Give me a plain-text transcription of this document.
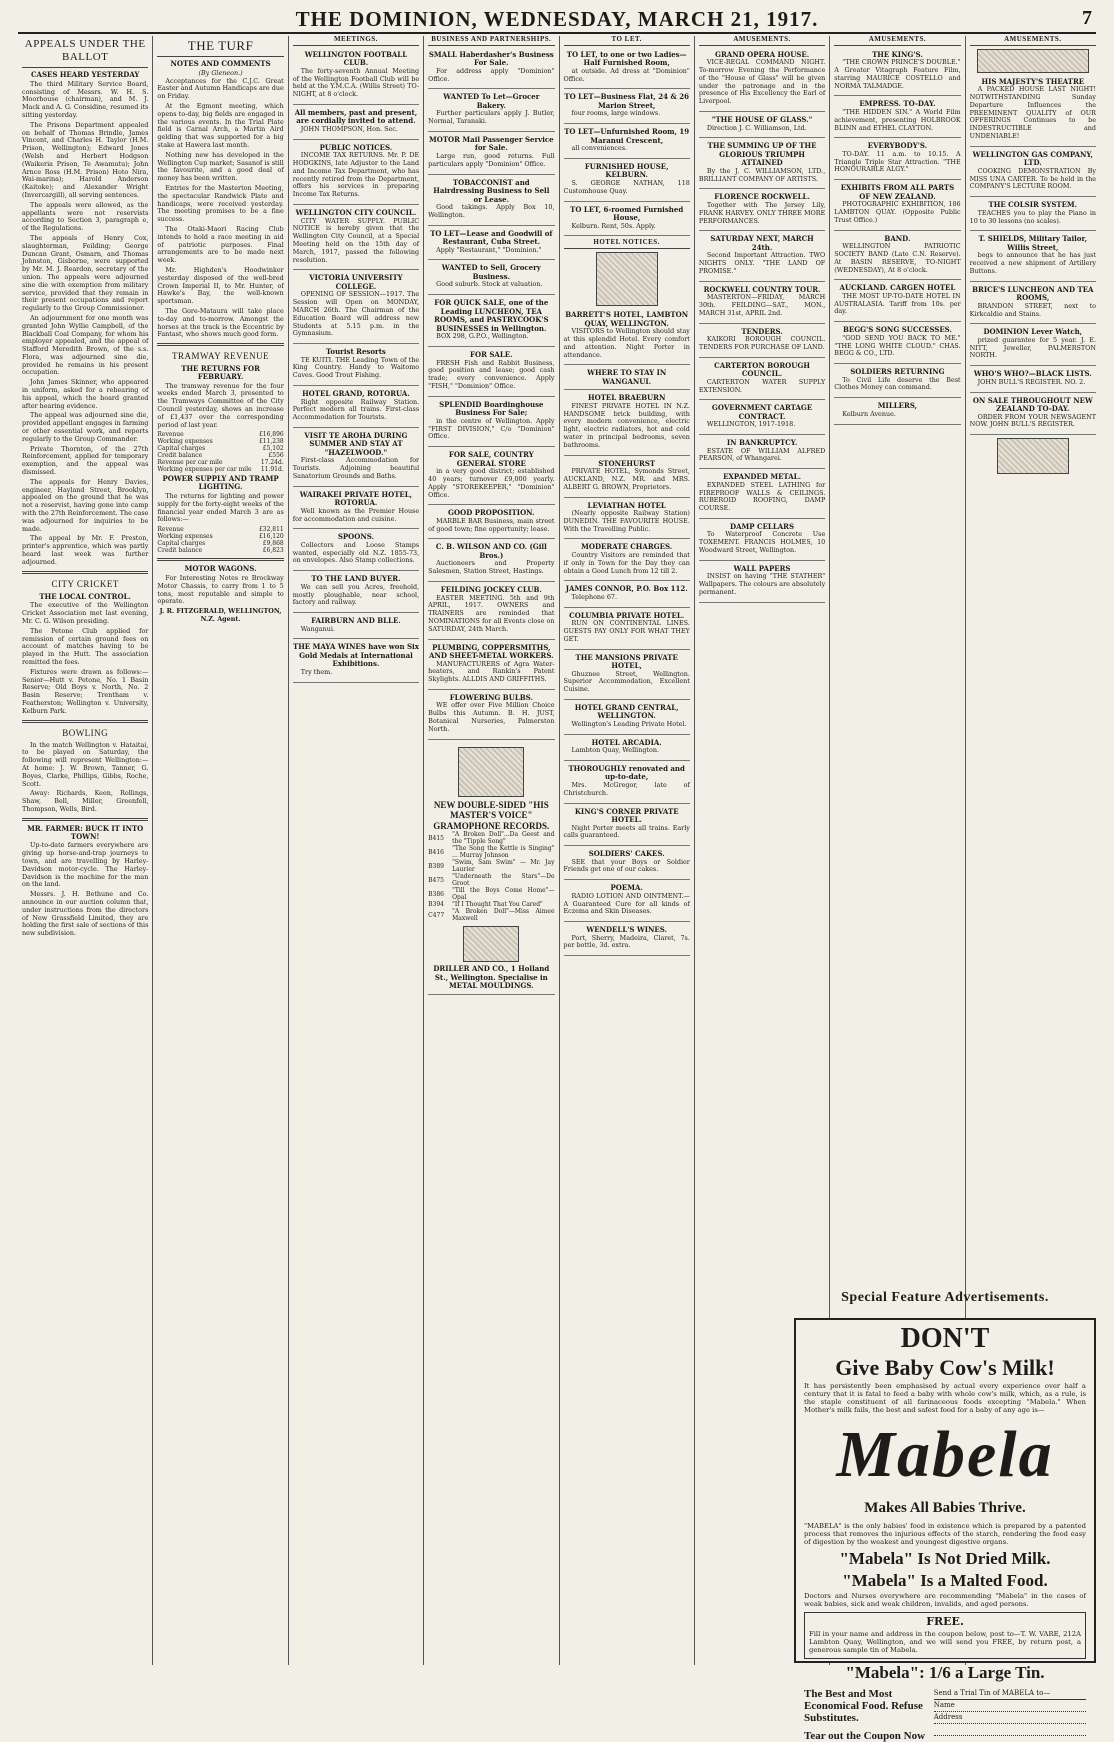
THE DOMINION, WEDNESDAY, MARCH 21, 1917.	7
APPEALS UNDER THE BALLOT
CASES HEARD YESTERDAY

The third Military Service Board, consisting of Messrs. W. H. S. Moorhouse (chairman), and M. J. Mack and A. G. Considine, resumed its sitting yesterday.

The Prisons Department appealed on behalf of Thomas Brindle, James Vincent, and Charles H. Taylor (H.M. Prison, Wellington); Edward Jones (Welsh and Herbert Hodgson (Waikeria Prison, Te Awamutu); John Arnce Ross (H.M. Prison) Hoto Nira, Wai-marina); Harold Anderson (Kaitoke); and Alexander Wright (Invercargill), all serving sentences.

The appeals were allowed, as the appellants were not reservists according to Section 3, paragraph e, of the Regulations.

The appeals of Henry Cox, slaughterman, Feilding; George Duncan Grant, Osmarn, and Thomas Johnston, Gisborne, were supported by Mr. M. J. Reardon, secretary of the union. The appeals were adjourned sine die with exemption from military service, provided that they remain in their present occupations and report regularly to the Group Commissioner.

An adjournment for one month was granted John Wyllie Campbell, of the Blackball Coal Company, for whom his employer appealed, and the appeal of Stafford Meredith Brown, of the s.s. Flora, was adjourned sine die, provided he remains in his present occupation.

John James Skinner, who appeared in uniform, asked for a rehearing of his appeal, which the board granted after hearing evidence.

The appeal was adjourned sine die, provided appellant engages in farming or other essential work, and reports regularly to the Group Commander.

Private Thornton, of the 27th Reinforcement, applied for temporary exemption, and the appeal was dismissed.

The appeals for Henry Davies, engineer, Hayland Street, Brooklyn, appealed on the ground that he was not a reservist, having gone into camp with the 27th Reinforcement. The case was adjourned for inquiries to be made.

The appeal by Mr. F. Preston, printer's apprentice, which was partly heard last week was further adjourned.

CITY CRICKET
THE LOCAL CONTROL.

The executive of the Wellington Cricket Association met last evening, Mr. C. G. Wilson presiding.

The Petone Club applied for remission of certain ground fees on account of matches having to be played in the Hutt. The association remitted the fees.

Fixtures were drawn as follows:— Senior—Hutt v. Petone, No. 1 Basin Reserve; Old Boys v. North, No. 2 Basin Reserve; Trentham v. Featherston; Wellington v. University, Kelburn Park.

BOWLING

In the match Wellington v. Hataitai, to be played on Saturday, the following will represent Wellington:—At home: J. W. Brown, Tanner, G. Boyes, Clarke, Phillips, Gibbs, Roche, Scott.

Away: Richards, Keen, Rollings, Shaw, Bell, Miller, Greenfell, Thompson, Wells, Bird.

MR. FARMER: BUCK IT INTO TOWN!

Up-to-date farmers everywhere are giving up horse-and-trap journeys to town, and are travelling by Harley-Davidson motor-cycle. The Harley-Davidson is the machine for the man on the land.

Messrs. J. H. Bethune and Co. announce in our auction column that, under instructions from the directors of New Grassfield Limited, they are holding the first sale of sections of this new subdivision.

THE TURF
NOTES AND COMMENTS
(By Gleneon.)

Acceptances for the C.J.C. Great Easter and Autumn Handicaps are due on Friday.

At the Egmont meeting, which opens to-day, big fields are engaged in the various events. In the Trial Plate field is Carnal Arch, a Martin Aird gelding that was supported for a big stake at Hawera last month.

Nothing new has developed in the Wellington Cup market; Sasanof is still the favourite, and a good deal of money has been written.

Entries for the Masterton Meeting, the spectacular Randwick Plate and handicaps, were received yesterday. The meeting promises to be a fine success.

The Otaki-Maori Racing Club intends to hold a race meeting in aid of patriotic purposes. Final arrangements are to be made next week.

Mr. Highden's Hoodwinker yesterday disposed of the well-bred Crown Imperial II, to Mr. Hunter, of Hawke's Bay, the well-known sportsman.

The Gore-Mataura will take place to-day and to-morrow. Amongst the horses at the track is the Eccentric by Fantast, who shows much good form.

TRAMWAY REVENUE
THE RETURNS FOR FEBRUARY.

The tramway revenue for the four weeks ended March 3, presented to the Tramways Committee of the City Council yesterday, shows an increase of £1,437 over the corresponding period of last year.

Revenue	£16,896
Working expenses	£11,238
Capital charges	£5,102
Credit balance	£556
Revenue per car mile	17.24d.
Working expenses per car mile	11.91d.
POWER SUPPLY AND TRAMP LIGHTING.

The returns for lighting and power supply for the forty-eight weeks of the financial year ended March 3 are as follows:—

Revenue	£32,811
Working expenses	£16,120
Capital charges	£9,868
Credit balance	£6,823
MOTOR WAGONS.

For Interesting Notes re Brockway Motor Chassis, to carry from 1 to 5 tons, most reputable and simple to operate.

J. R. FITZGERALD, WELLINGTON, N.Z. Agent.
MEETINGS.
WELLINGTON FOOTBALL CLUB.

The forty-seventh Annual Meeting of the Wellington Football Club will be held at the Y.M.C.A. (Willis Street) TO-NIGHT, at 8 o'clock.

All members, past and present, are cordially invited to attend.

JOHN THOMPSON, Hon. Sec.

PUBLIC NOTICES.

INCOME TAX RETURNS. Mr. P. DE HODGKINS, late Adjuster to the Land and Income Tax Department, who has recently retired from the Department, offers his services in preparing Income Tax Returns.

WELLINGTON CITY COUNCIL.

CITY WATER SUPPLY. PUBLIC NOTICE is hereby given that the Wellington City Council, at a Special Meeting held on the 15th day of March, 1917, passed the following resolution.

VICTORIA UNIVERSITY COLLEGE.

OPENING OF SESSION—1917. The Session will Open on MONDAY, MARCH 26th. The Chairman of the Education Board will address new Students at 5.15 p.m. in the Gymnasium.

Tourist Resorts

TE KUITI. THE Leading Town of the King Country. Handy to Waitomo Caves. Good Trout Fishing.

HOTEL GRAND, ROTORUA.

Right opposite Railway Station. Perfect modern all trains. First-class Accommodation for Tourists.

VISIT TE AROHA DURING SUMMER AND STAY AT "HAZELWOOD."

First-class Accommodation for Tourists. Adjoining beautiful Sanatorium Grounds and Baths.

WAIRAKEI PRIVATE HOTEL, ROTORUA.

Well known as the Premier House for accommodation and cuisine.

SPOONS.

Collectors and Loose Stamps wanted, especially old N.Z. 1855-73, on envelopes. Also Stamp collections.

TO THE LAND BUYER.

We can sell you Acres, freehold, mostly ploughable, near school, factory and railway.

FAIRBURN AND BLLE.

Wanganui.

THE MAYA WINES have won Six Gold Medals at International Exhibitions.

Try them.

BUSINESS AND PARTNERSHIPS.
SMALL Haberdasher's Business For Sale.

For address apply "Dominion" Office.

WANTED To Let—Grocer Bakery.

Further particulars apply J. Butler, Normal, Taranaki.

MOTOR Mail Passenger Service for Sale.

Large run, good returns. Full particulars apply "Dominion" Office.

TOBACCONIST and Hairdressing Business to Sell or Lease.

Good takings. Apply Box 10, Wellington.

TO LET—Lease and Goodwill of Restaurant, Cuba Street.

Apply "Restaurant," "Dominion."

WANTED to Sell, Grocery Business.

Good suburb. Stock at valuation.

FOR QUICK SALE, one of the Leading LUNCHEON, TEA ROOMS, and PASTRYCOOK'S BUSINESSES in Wellington.

BOX 298, G.P.O., Wellington.

FOR SALE.

FRESH Fish and Rabbit Business, good position and lease; good cash trade; every convenience. Apply "FISH," "Dominion" Office.

SPLENDID Boardinghouse Business For Sale;

in the centre of Wellington. Apply "FIRST DIVISION," C/o "Dominion" Office.

FOR SALE, COUNTRY GENERAL STORE

in a very good district; established 40 years; turnover £9,000 yearly. Apply "STOREKEEPER," "Dominion" Office.

GOOD PROPOSITION.

MARBLE BAR Business, main street of good town; fine opportunity; lease.

C. B. WILSON AND CO. (Gill Bros.)

Auctioneers and Property Salesmen, Station Street, Hastings.

FEILDING JOCKEY CLUB.

EASTER MEETING. 5th and 9th APRIL, 1917. OWNERS and TRAINERS are reminded that NOMINATIONS for all Events close on SATURDAY, 24th March.

PLUMBING, COPPERSMITHS, AND SHEET-METAL WORKERS.

MANUFACTURERS of Agra Water-heaters, and Rankin's Patent Skylights. ALLDIS AND GRIFFITHS.

FLOWERING BULBS.

WE offer over Five Million Choice Bulbs this Autumn. B. H. JUST, Botanical Nurseries, Palmerston North.

NEW DOUBLE-SIDED "HIS MASTER'S VOICE" GRAMOPHONE RECORDS.
B415	"A Broken Doll"...Da Geest and the "Tipple Song"
B416	"The Song the Kettle is Singing" ... Murray Johnson
B389	"Swim, Sam Swim" — Mr. Jay Laurier
B475	"Underneath the Stars"—De Groot
B386	"Till the Boys Come Home"—Opal
B394	"If I Thought That You Cared"
C477	"A Broken Doll"—Miss Aimee Maxwell
DRILLER AND CO., 1 Holland St., Wellington. Specialise in METAL MOULDINGS.
TO LET.
TO LET, to one or two Ladies—Half Furnished Room,

at outside. Ad dress at "Dominion" Office.

TO LET—Business Flat, 24 & 26 Marion Street,

four rooms, large windows.

TO LET—Unfurnished Room, 19 Maranui Crescent,

all conveniences.

FURNISHED HOUSE, KELBURN.

S. GEORGE NATHAN, 118 Customhouse Quay.

TO LET, 6-roomed Furnished House,

Kelburn. Rent, 50s. Apply.

HOTEL NOTICES.
BARRETT'S HOTEL, LAMBTON QUAY, WELLINGTON.

VISITORS to Wellington should stay at this splendid Hotel. Every comfort and attention. Night Porter in attendance.

WHERE TO STAY IN WANGANUI.
HOTEL BRAEBURN

FINEST PRIVATE HOTEL IN N.Z. HANDSOME brick building, with every modern convenience, electric light, electric radiators, hot and cold water in principal bedrooms, seven bathrooms.

STONEHURST

PRIVATE HOTEL, Symonds Street, AUCKLAND, N.Z. MR. and MRS. ALBERT G. BROWN, Proprietors.

LEVIATHAN HOTEL

(Nearly opposite Railway Station) DUNEDIN. THE FAVOURITE HOUSE. With the Travelling Public.

MODERATE CHARGES.

Country Visitors are reminded that if only in Town for the Day they can obtain a Good Lunch from 12 till 2.

JAMES CONNOR, P.O. Box 112.

Telephone 67.

COLUMBIA PRIVATE HOTEL.

RUN ON CONTINENTAL LINES. GUESTS PAY ONLY FOR WHAT THEY GET.

THE MANSIONS PRIVATE HOTEL,

Ghuznee Street, Wellington. Superior Accommodation, Excellent Cuisine.

HOTEL GRAND CENTRAL, WELLINGTON.

Wellington's Leading Private Hotel.

HOTEL ARCADIA.

Lambton Quay, Wellington.

THOROUGHLY renovated and up-to-date,

Mrs. McGregor, late of Christchurch.

KING'S CORNER PRIVATE HOTEL.

Night Porter meets all trains. Early calls guaranteed.

SOLDIERS' CAKES.

SEE that your Boys or Soldier Friends get one of our cakes.

POEMA.

RADIO LOTION AND OINTMENT.—A Guaranteed Cure for all kinds of Eczema and Skin Diseases.

WENDELL'S WINES.

Port, Sherry, Madeira, Claret, 7s. per bottle, 3d. extra.

AMUSEMENTS.
GRAND OPERA HOUSE.

VICE-REGAL COMMAND NIGHT. To-morrow Evening the Performance of the "House of Glass" will be given under the patronage and in the presence of His Excellency the Earl of Liverpool.

"THE HOUSE OF GLASS."

Direction J. C. Williamson, Ltd.

THE SUMMING UP OF THE GLORIOUS TRIUMPH ATTAINED

By the J. C. WILLIAMSON, LTD., BRILLIANT COMPANY OF ARTISTS.

FLORENCE ROCKWELL.

Together with The Jersey Lily, FRANK HARVEY. ONLY THREE MORE PERFORMANCES.

SATURDAY NEXT, MARCH 24th.

Second Important Attraction. TWO NIGHTS ONLY. "THE LAND OF PROMISE."

ROCKWELL COUNTRY TOUR.

MASTERTON—FRIDAY, MARCH 30th. FEILDING—SAT., MON., MARCH 31st, APRIL 2nd.

TENDERS.

KAIKORI BOROUGH COUNCIL. TENDERS FOR PURCHASE OF LAND.

CARTERTON BOROUGH COUNCIL.

CARTERTON WATER SUPPLY EXTENSION.

GOVERNMENT CARTAGE CONTRACT.

WELLINGTON, 1917-1918.

IN BANKRUPTCY.

ESTATE OF WILLIAM ALFRED PEARSON, of Whangarei.

EXPANDED METAL.

EXPANDED STEEL LATHING for FIREPROOF WALLS & CEILINGS. RUBEROID ROOFING, DAMP COURSE.

DAMP CELLARS

To Waterproof Concrete Use TOXEMENT. FRANCIS HOLMES, 10 Woodward Street, Wellington.

WALL PAPERS

INSIST on having "THE STATHER" Wallpapers. The colours are absolutely permanent.

AMUSEMENTS.
THE KING'S.

"THE CROWN PRINCE'S DOUBLE." A Greater Vitagraph Feature Film, starring MAURICE COSTELLO and NORMA TALMADGE.

EMPRESS. TO-DAY.

"THE HIDDEN SIN." A World Film achievement, presenting HOLBROOK BLINN and ETHEL CLAYTON.

EVERYBODY'S.

TO-DAY. 11 a.m. to 10.15. A Triangle Triple Star Attraction. "THE HONOURABLE ALGY."

EXHIBITS FROM ALL PARTS OF NEW ZEALAND.

PHOTOGRAPHIC EXHIBITION, 186 LAMBTON QUAY. (Opposite Public Trust Office.)

BAND.

WELLINGTON PATRIOTIC SOCIETY BAND (Late C.N. Reserve). At BASIN RESERVE, TO-NIGHT (WEDNESDAY), At 8 o'clock.

AUCKLAND. CARGEN HOTEL

THE MOST UP-TO-DATE HOTEL IN AUSTRALASIA. Tariff from 10s. per day.

BEGG'S SONG SUCCESSES.

"GOD SEND YOU BACK TO ME." "THE LONG WHITE CLOUD." CHAS. BEGG & CO., LTD.

SOLDIERS RETURNING

To Civil Life deserve the Best Clothes Money can command.

MILLERS,

Kelburn Avenue.

AMUSEMENTS.
HIS MAJESTY'S THEATRE

A PACKED HOUSE LAST NIGHT! NOTWITHSTANDING Sunday Departure Influences the PREEMINENT QUALITY of OUR OFFERINGS Continues to be INDESTRUCTIBLE and UNDENIABLE!

WELLINGTON GAS COMPANY, LTD.

COOKING DEMONSTRATION By MISS UNA CARTER. To be held in the COMPANY'S LECTURE ROOM.

THE COLSIR SYSTEM.

TEACHES you to play the Piano in 10 to 30 lessons (no scales).

T. SHIELDS, Military Tailor, Willis Street,

begs to announce that he has just received a new shipment of Artillery Buttons.

BRICE'S LUNCHEON AND TEA ROOMS,

BRANDON STREET, next to Kirkcaldie and Stains.

DOMINION Lever Watch,

prized guarantee for 5 year. J. E. NITT, Jeweller, PALMERSTON NORTH.

WHO'S WHO?—BLACK LISTS.

JOHN BULL'S REGISTER. NO. 2.

ON SALE THROUGHOUT NEW ZEALAND TO-DAY.

ORDER FROM YOUR NEWSAGENT NOW. JOHN BULL'S REGISTER.

Special Feature Advertisements.
DON'T
Give Baby Cow's Milk!
It has persistently been emphasised by actual every experience over half a century that it is fatal to feed a baby with whole cow's milk, which, as a rule, is the staple constituent of all farinaceous foods excepting "Mabela." When Mother's milk fails, the best and safest food for a baby of any age is—
Mabela
Makes All Babies Thrive.
"MABELA" is the only babies' food in existence which is prepared by a patented process that removes the injurious effects of the starch, rendering the food easy of digestion by the weakest and youngest digestive organs.
"Mabela" Is Not Dried Milk.
"Mabela" Is a Malted Food.
Doctors and Nurses everywhere are recommending "Mabela" in the cases of weak babies, sick and weak children, invalids, and aged persons.
FREE.
Fill in your name and address in the coupon below, post to—T. W. VARE, 212A Lambton Quay, Wellington, and we will send you FREE, by return post, a generous sample tin of Mabela.
"Mabela": 1/6 a Large Tin.
The Best and Most Economical Food. Refuse Substitutes.
Tear out the Coupon Now
Send a Trial Tin of MABELA to—
Name
Address
